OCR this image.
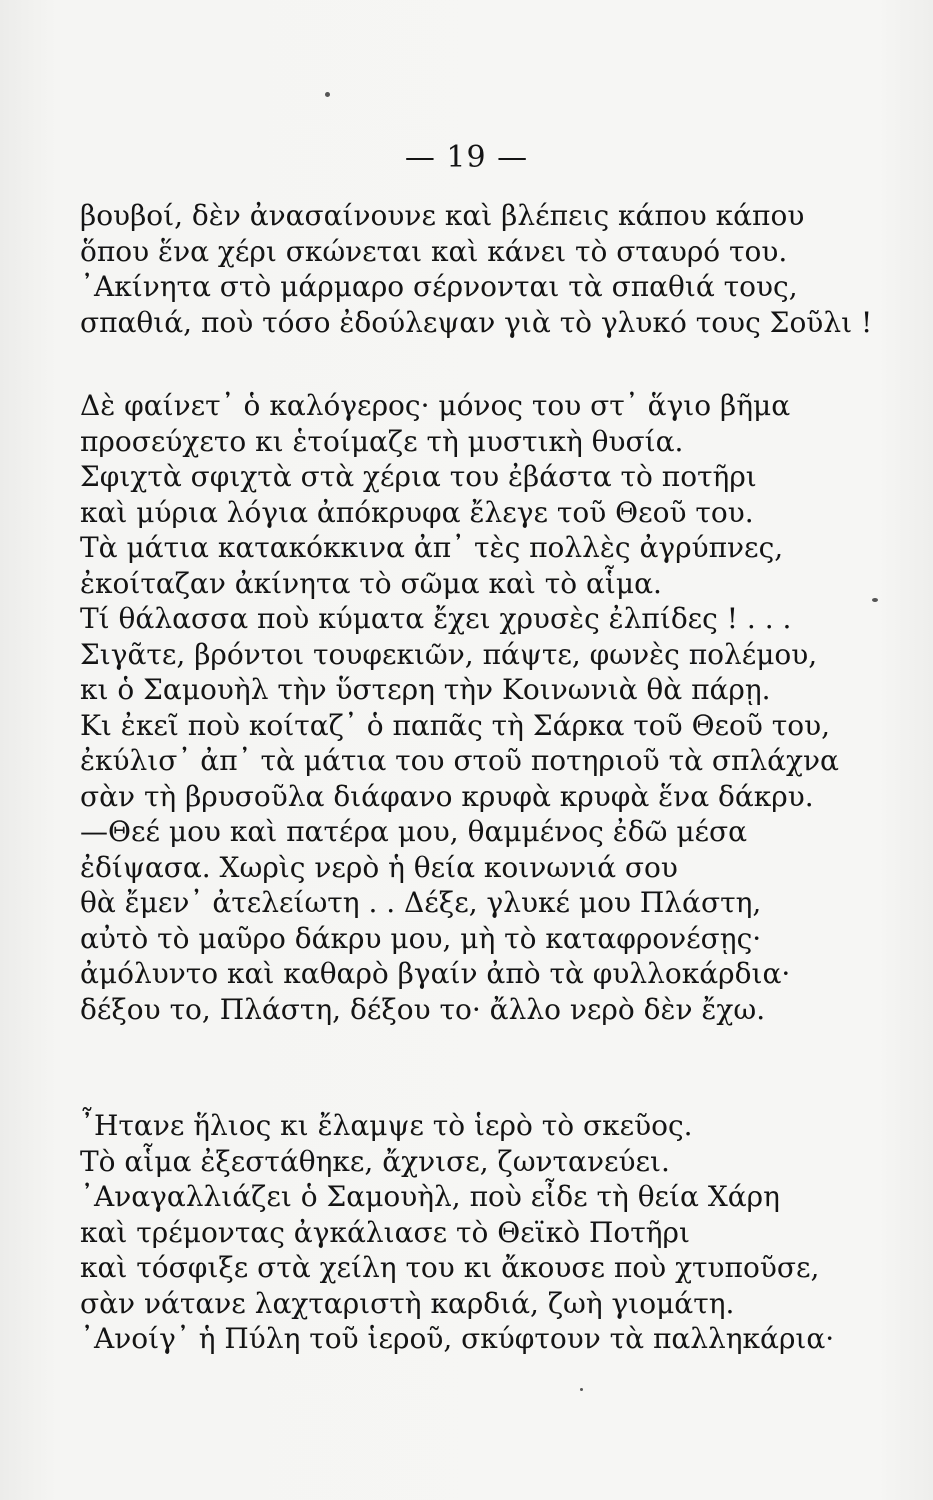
— 19 —
βουβοί, δὲν ἀνασαίνουνε καὶ βλέπεις κάπου κάπου
ὅπου ἕνα χέρι σκώνεται καὶ κάνει τὸ σταυρό του.
᾿Ακίνητα στὸ μάρμαρο σέρνονται τὰ σπαθιά τους,
σπαθιά, ποὺ τόσο ἐδούλεψαν γιὰ τὸ γλυκό τους Σοῦλι !
Δὲ φαίνετ᾿ ὁ καλόγερος· μόνος του στ᾿ ἅγιο βῆμα
προσεύχετο κι ἑτοίμαζε τὴ μυστικὴ θυσία.
Σφιχτὰ σφιχτὰ στὰ χέρια του ἐβάστα τὸ ποτῆρι
καὶ μύρια λόγια ἀπόκρυφα ἔλεγε τοῦ Θεοῦ του.
Τὰ μάτια κατακόκκινα ἀπ᾿ τὲς πολλὲς ἀγρύπνες,
ἐκοίταζαν ἀκίνητα τὸ σῶμα καὶ τὸ αἷμα.
Τί θάλασσα ποὺ κύματα ἔχει χρυσὲς ἐλπίδες ! . . .
Σιγᾶτε, βρόντοι τουφεκιῶν, πάψτε, φωνὲς πολέμου,
κι ὁ Σαμουὴλ τὴν ὕστερη τὴν Κοινωνιὰ θὰ πάρῃ.
Κι ἐκεῖ ποὺ κοίταζ᾿ ὁ παπᾶς τὴ Σάρκα τοῦ Θεοῦ του,
ἐκύλισ᾿ ἀπ᾿ τὰ μάτια του στοῦ ποτηριοῦ τὰ σπλάχνα
σὰν τὴ βρυσοῦλα διάφανο κρυφὰ κρυφὰ ἕνα δάκρυ.
—Θεέ μου καὶ πατέρα μου, θαμμένος ἐδῶ μέσα
ἐδίψασα. Χωρὶς νερὸ ἡ θεία κοινωνιά σου
θὰ ἔμεν᾿ ἀτελείωτη . . Δέξε, γλυκέ μου Πλάστη,
αὐτὸ τὸ μαῦρο δάκρυ μου, μὴ τὸ καταφρονέσῃς·
ἀμόλυντο καὶ καθαρὸ βγαίν ἀπὸ τὰ φυλλοκάρδια·
δέξου το, Πλάστη, δέξου το· ἄλλο νερὸ δὲν ἔχω.
῏Ητανε ἥλιος κι ἔλαμψε τὸ ἱερὸ τὸ σκεῦος.
Τὸ αἷμα ἐξεστάθηκε, ἄχνισε, ζωντανεύει.
᾿Αναγαλλιάζει ὁ Σαμουὴλ, ποὺ εἶδε τὴ θεία Χάρη
καὶ τρέμοντας ἀγκάλιασε τὸ Θεϊκὸ Ποτῆρι
καὶ τόσφιξε στὰ χείλη του κι ἄκουσε ποὺ χτυποῦσε,
σὰν νάτανε λαχταριστὴ καρδιά, ζωὴ γιομάτη.
᾿Ανοίγ᾿ ἡ Πύλη τοῦ ἱεροῦ, σκύφτουν τὰ παλληκάρια·
